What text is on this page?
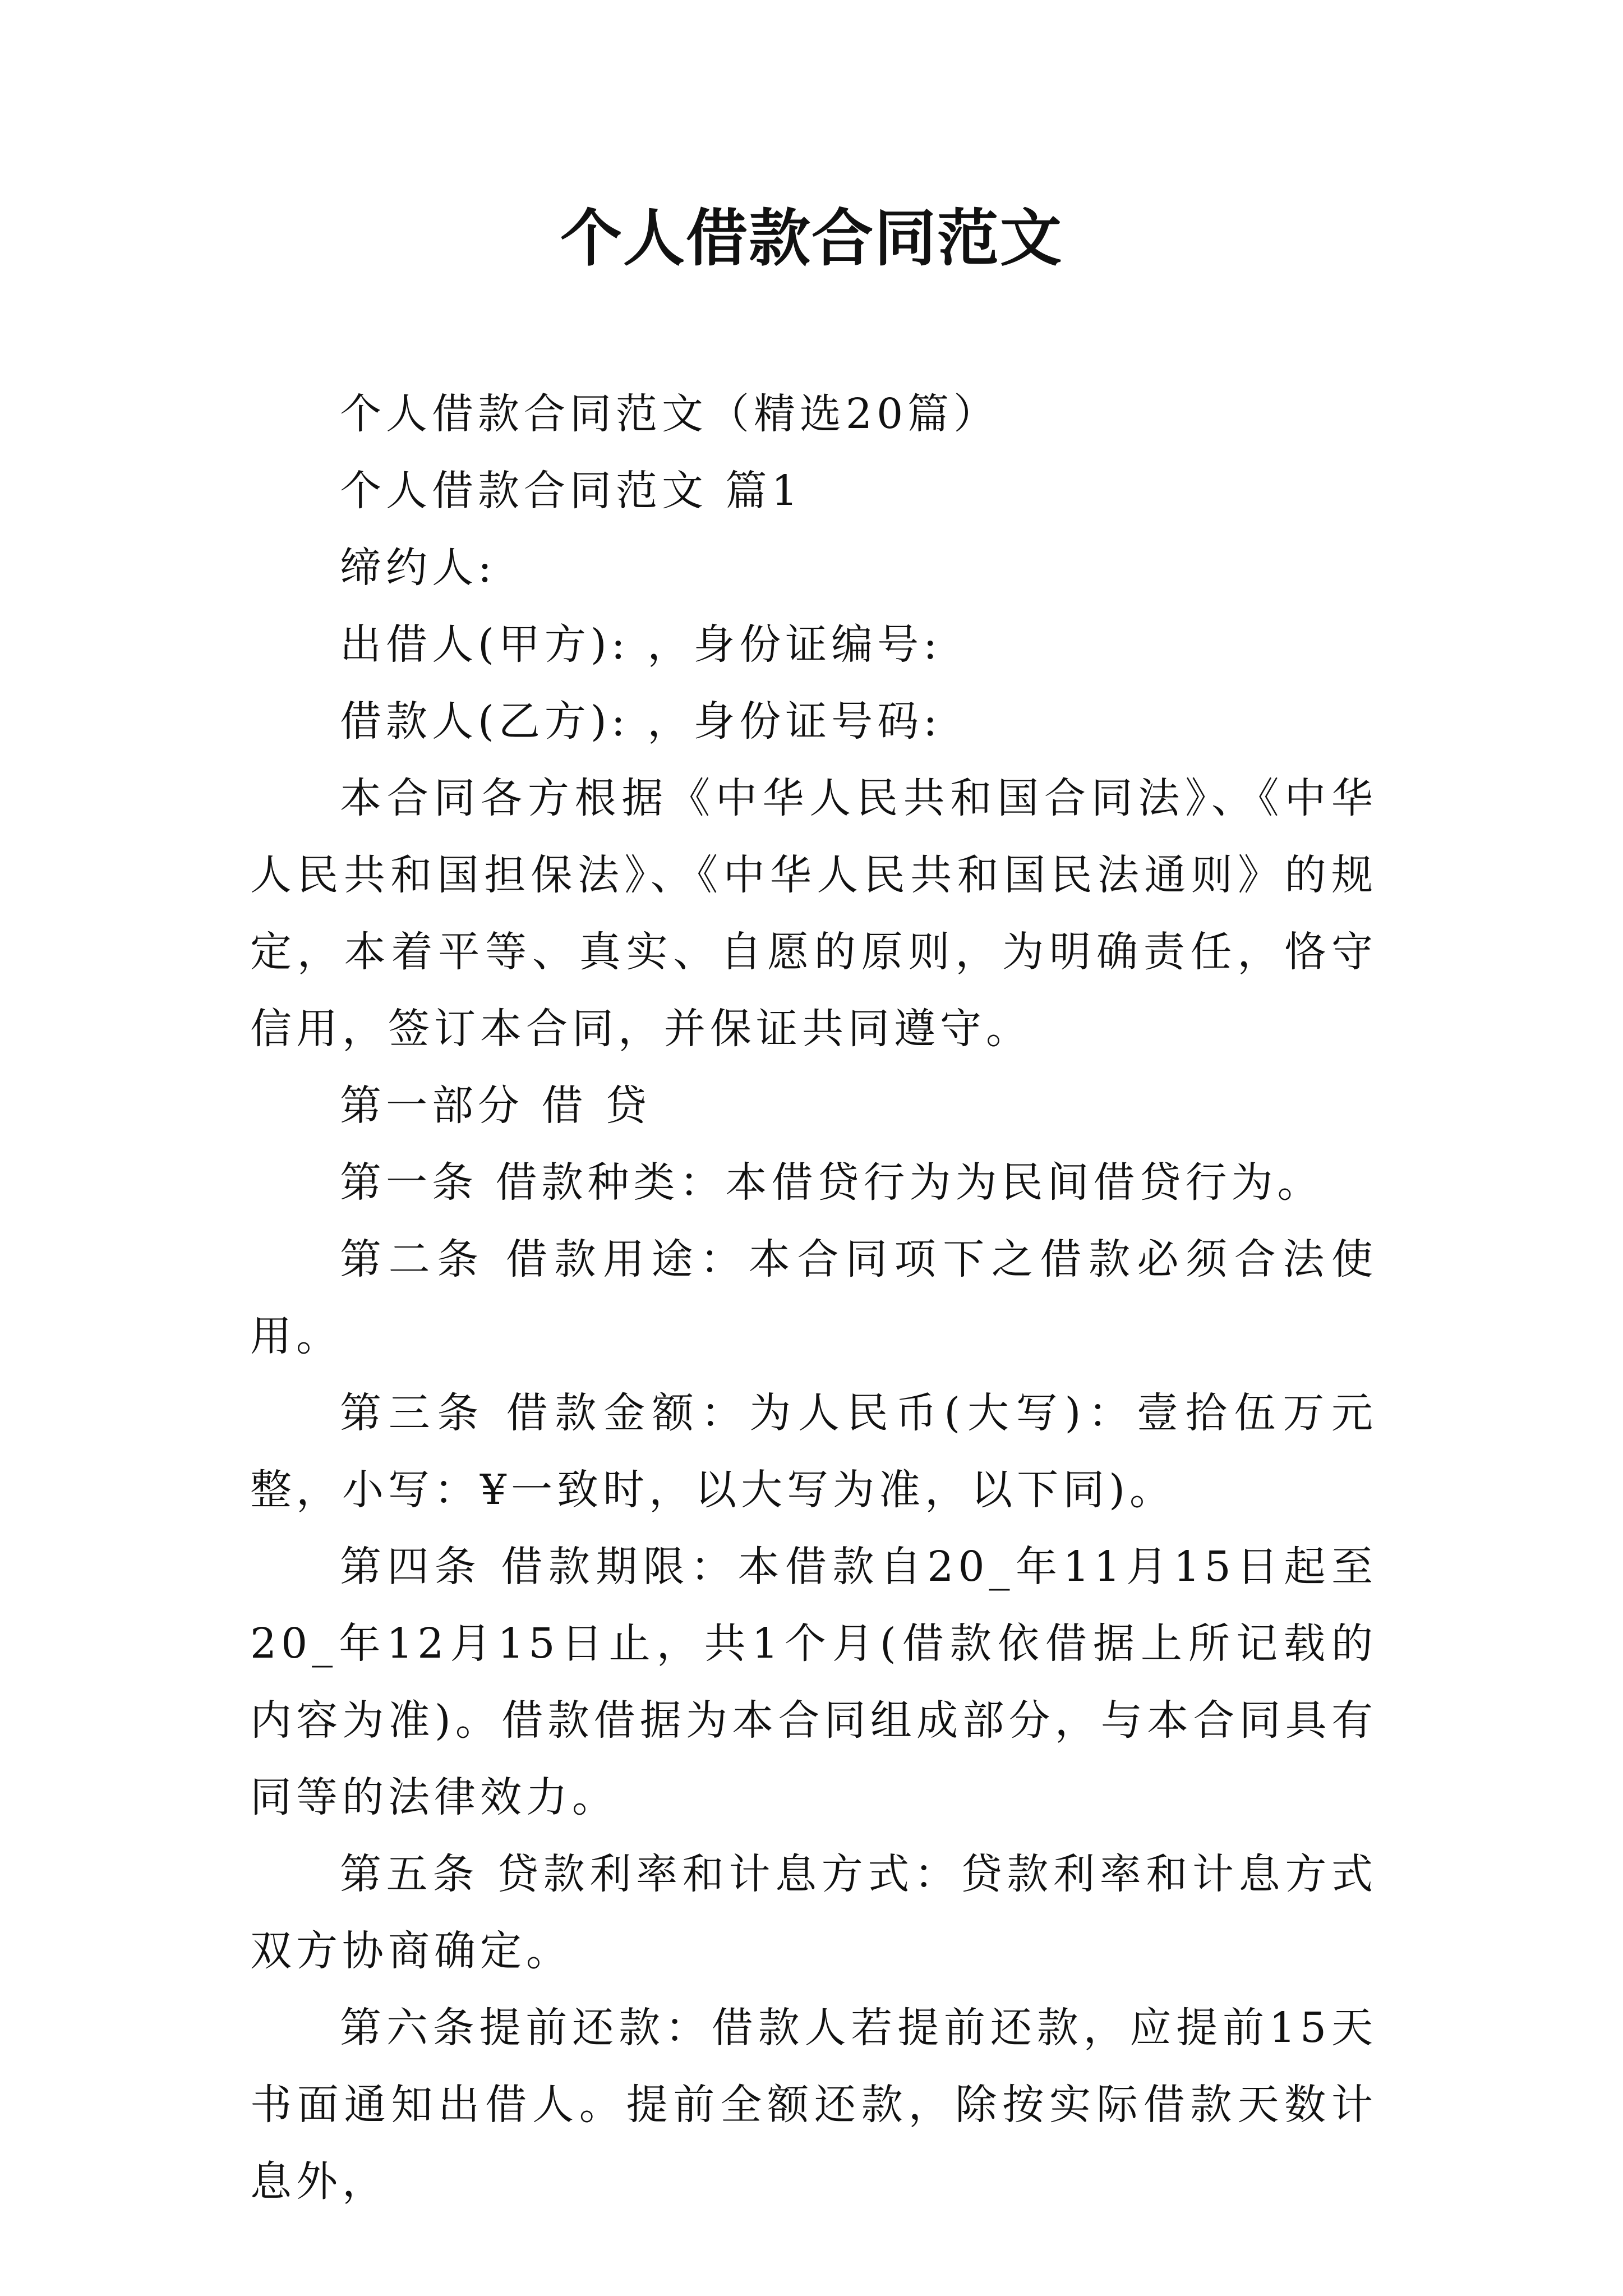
个人借款合同范文

个人借款合同范文（精选20篇）

个人借款合同范文 篇1

缔约人:

出借人(甲方): ，身份证编号:

借款人(乙方): ，身份证号码:

本合同各方根据《中华人民共和国合同法》、《中华人民共和国担保法》、《中华人民共和国民法通则》的规定，本着平等、真实、自愿的原则，为明确责任，恪守信用，签订本合同，并保证共同遵守。

第一部分 借 贷

第一条 借款种类：本借贷行为为民间借贷行为。

第二条 借款用途：本合同项下之借款必须合法使用。

第三条 借款金额：为人民币(大写)：壹拾伍万元整，小写：¥一致时，以大写为准，以下同)。

第四条 借款期限：本借款自20_年11月15日起至20_年12月15日止，共1个月(借款依借据上所记载的内容为准)。借款借据为本合同组成部分，与本合同具有同等的法律效力。

第五条 贷款利率和计息方式：贷款利率和计息方式双方协商确定。

第六条提前还款：借款人若提前还款，应提前15天书面通知出借人。提前全额还款，除按实际借款天数计息外，
